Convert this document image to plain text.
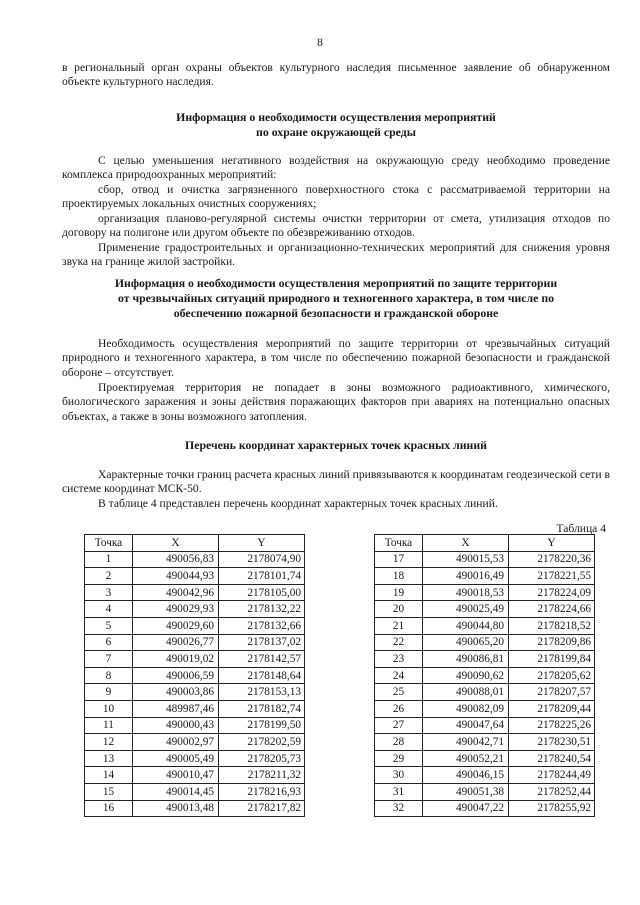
8

в региональный орган охраны объектов культурного наследия письменное заявление об обнаруженном объекте культурного наследия.

Информация о необходимости осуществления мероприятий
по охране окружающей среды

С целью уменьшения негативного воздействия на окружающую среду необходимо проведение комплекса природоохранных мероприятий:

сбор, отвод и очистка загрязненного поверхностного стока с рассматриваемой территории на проектируемых локальных очистных сооружениях;

организация планово-регулярной системы очистки территории от смета, утилизация отходов по договору на полигоне или другом объекте по обезвреживанию отходов.

Применение градостроительных и организационно-технических мероприятий для снижения уровня звука на границе жилой застройки.

Информация о необходимости осуществления мероприятий по защите территории
от чрезвычайных ситуаций природного и техногенного характера, в том числе по
обеспечению пожарной безопасности и гражданской обороне

Необходимость осуществления мероприятий по защите территории от чрезвычайных ситуаций природного и техногенного характера, в том числе по обеспечению пожарной безопасности и гражданской обороне – отсутствует.

Проектируемая территория не попадает в зоны возможного радиоактивного, химического, биологического заражения и зоны действия поражающих факторов при авариях на потенциально опасных объектах, а также в зоны возможного затопления.

Перечень координат характерных точек красных линий

Характерные точки границ расчета красных линий привязываются к координатам геодезической сети в системе координат МСК-50.

В таблице 4 представлен перечень координат характерных точек красных линий.

Таблица 4
Точка	X	Y
1	490056,83	2178074,90
2	490044,93	2178101,74
3	490042,96	2178105,00
4	490029,93	2178132,22
5	490029,60	2178132,66
6	490026,77	2178137,02
7	490019,02	2178142,57
8	490006,59	2178148,64
9	490003,86	2178153,13
10	489987,46	2178182,74
11	490000,43	2178199,50
12	490002,97	2178202,59
13	490005,49	2178205,73
14	490010,47	2178211,32
15	490014,45	2178216,93
16	490013,48	2178217,82
Точка	X	Y
17	490015,53	2178220,36
18	490016,49	2178221,55
19	490018,53	2178224,09
20	490025,49	2178224,66
21	490044,80	2178218,52
22	490065,20	2178209,86
23	490086,81	2178199,84
24	490090,62	2178205,62
25	490088,01	2178207,57
26	490082,09	2178209,44
27	490047,64	2178225,26
28	490042,71	2178230,51
29	490052,21	2178240,54
30	490046,15	2178244,49
31	490051,38	2178252,44
32	490047,22	2178255,92
